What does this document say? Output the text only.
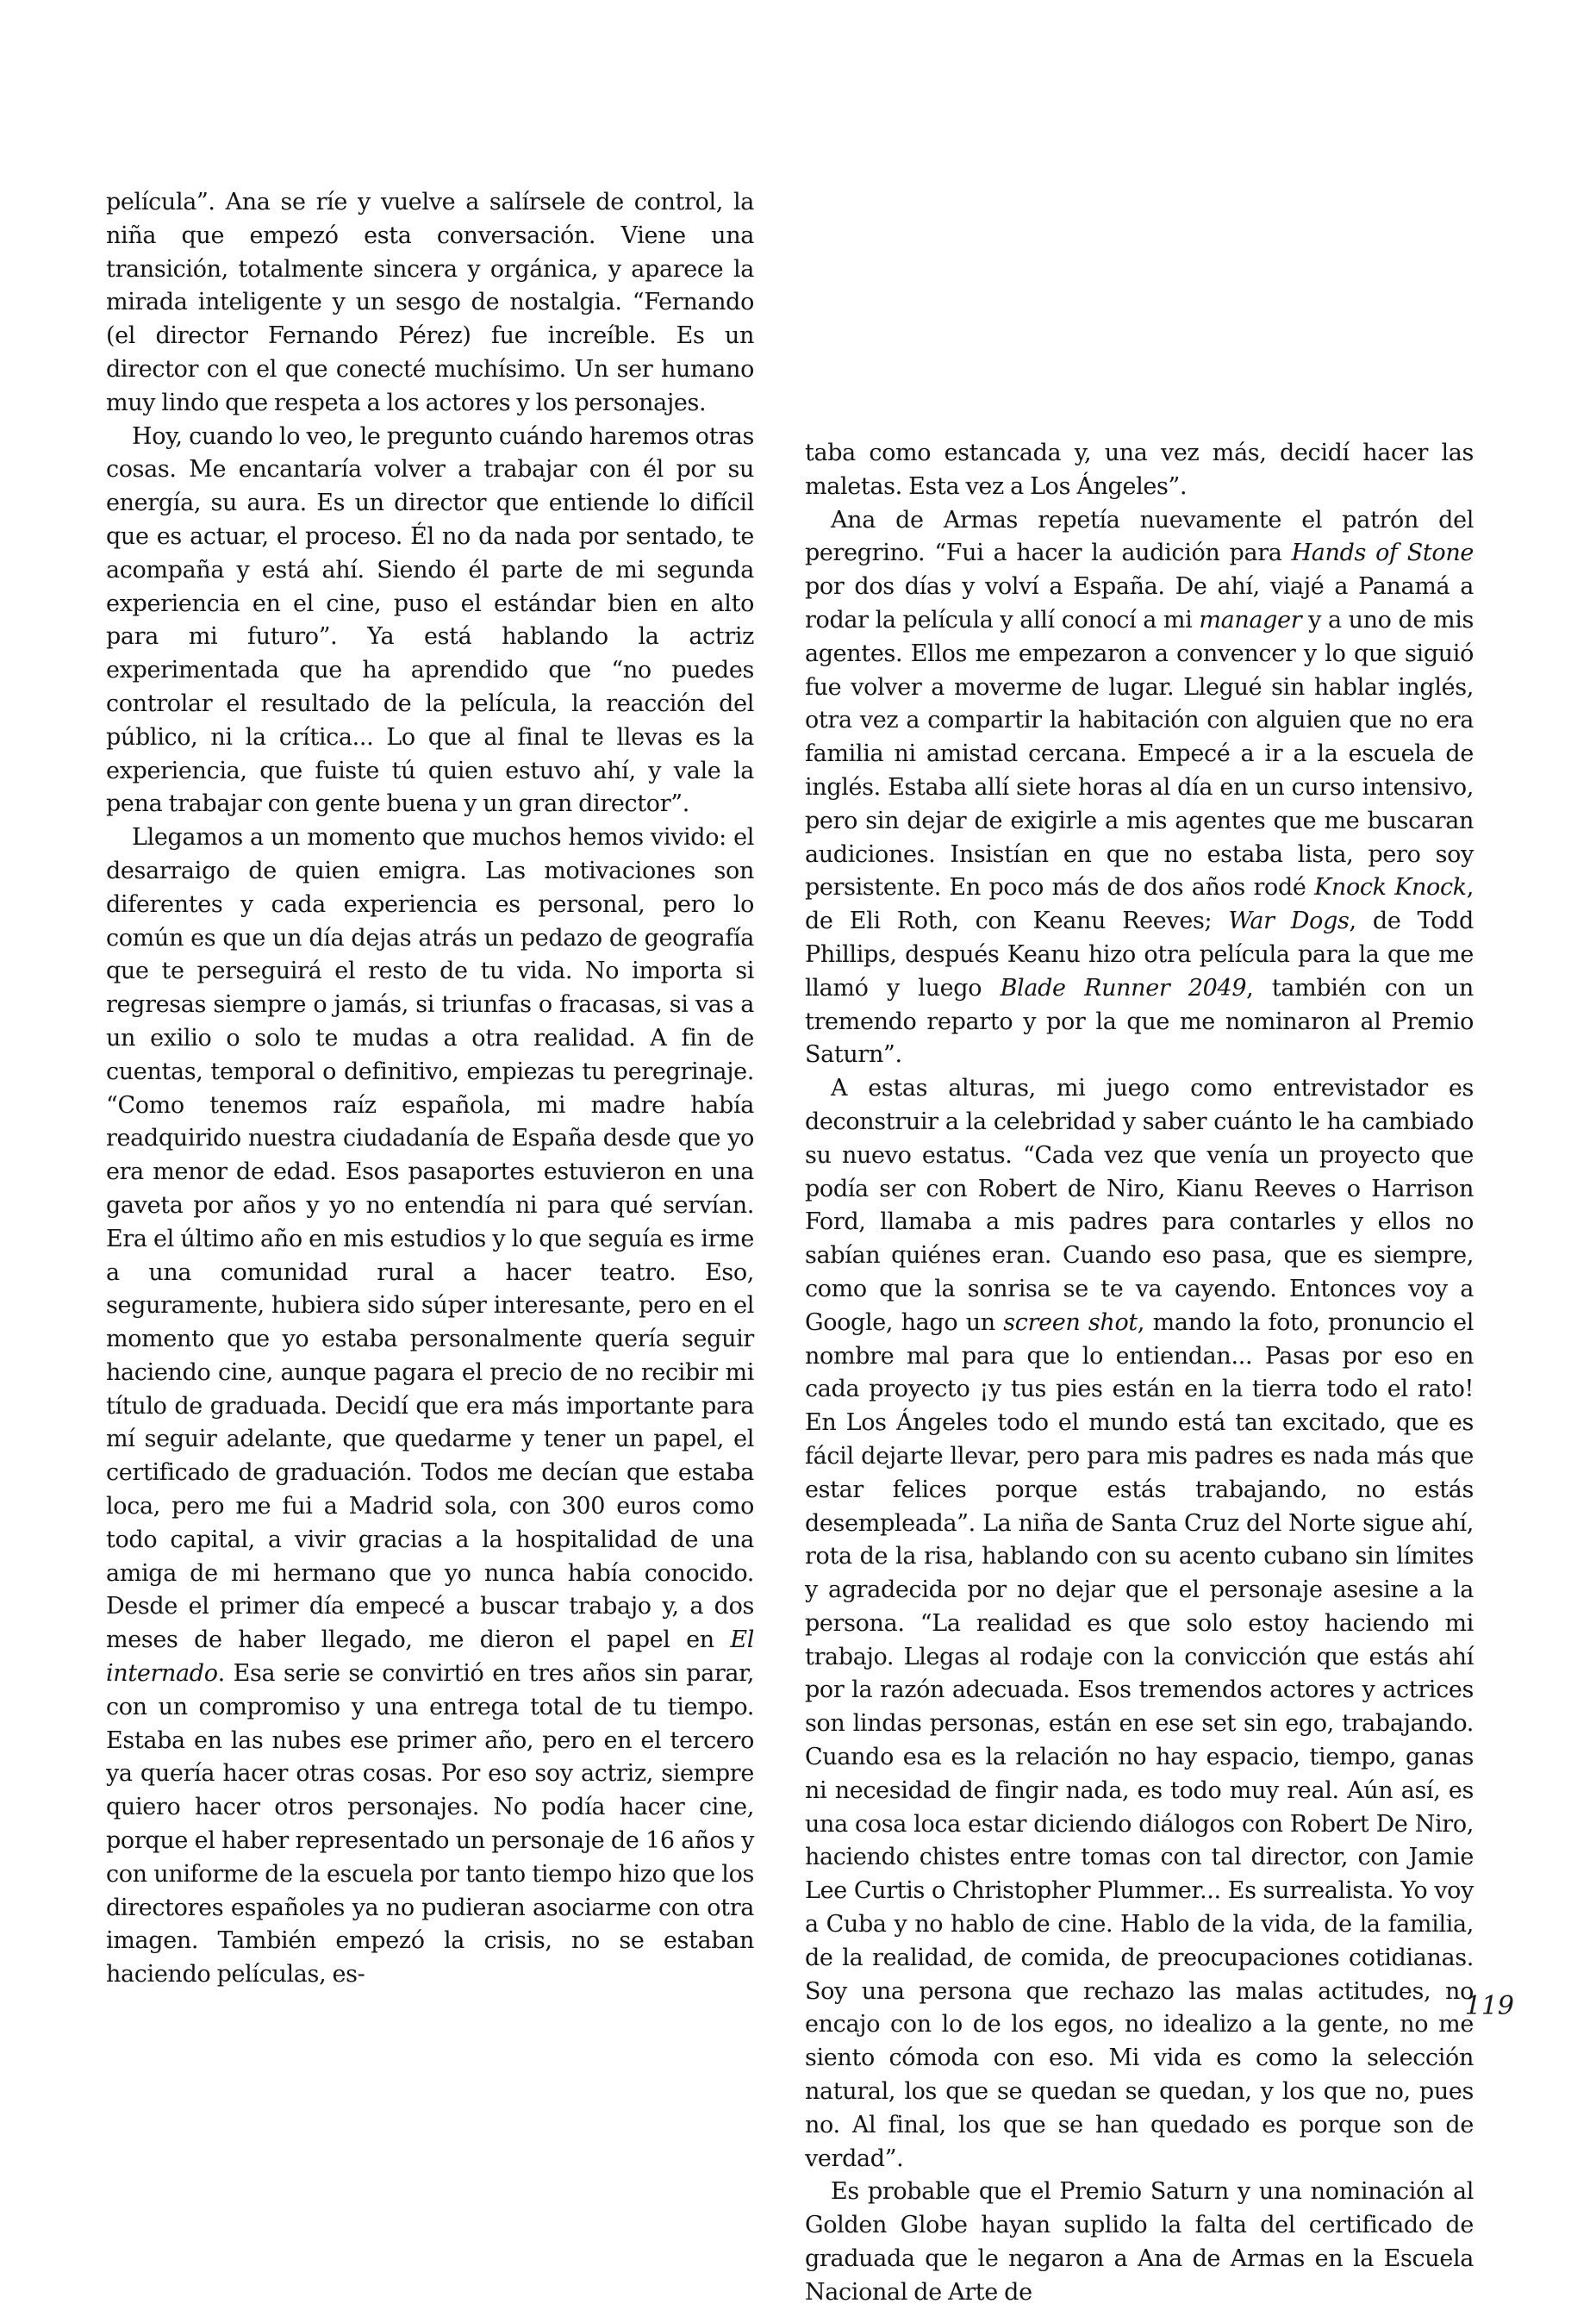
película”. Ana se ríe y vuelve a salírsele de control, la niña que empezó esta conversación. Viene una transición, totalmente sincera y orgánica, y aparece la mirada inteligente y un sesgo de nostalgia. “Fernando (el director Fernando Pérez) fue increíble. Es un director con el que conecté muchísimo. Un ser humano muy lindo que respeta a los actores y los personajes.

Hoy, cuando lo veo, le pregunto cuándo haremos otras cosas. Me encantaría volver a trabajar con él por su energía, su aura. Es un director que entiende lo difícil que es actuar, el proceso. Él no da nada por sentado, te acompaña y está ahí. Siendo él parte de mi segunda experiencia en el cine, puso el estándar bien en alto para mi futuro”. Ya está hablando la actriz experimentada que ha aprendido que “no puedes controlar el resultado de la película, la reacción del público, ni la crítica... Lo que al final te llevas es la experiencia, que fuiste tú quien estuvo ahí, y vale la pena trabajar con gente buena y un gran director”.

Llegamos a un momento que muchos hemos vivido: el desarraigo de quien emigra. Las motivaciones son diferentes y cada experiencia es personal, pero lo común es que un día dejas atrás un pedazo de geografía que te perseguirá el resto de tu vida. No importa si regresas siempre o jamás, si triunfas o fracasas, si vas a un exilio o solo te mudas a otra realidad. A fin de cuentas, temporal o definitivo, empiezas tu peregrinaje. “Como tenemos raíz española, mi madre había readquirido nuestra ciudadanía de España desde que yo era menor de edad. Esos pasaportes estuvieron en una gaveta por años y yo no entendía ni para qué servían. Era el último año en mis estudios y lo que seguía es irme a una comunidad rural a hacer teatro. Eso, seguramente, hubiera sido súper interesante, pero en el momento que yo estaba personalmente quería seguir haciendo cine, aunque pagara el precio de no recibir mi título de graduada. Decidí que era más importante para mí seguir adelante, que quedarme y tener un papel, el certificado de graduación. Todos me decían que estaba loca, pero me fui a Madrid sola, con 300 euros como todo capital, a vivir gracias a la hospitalidad de una amiga de mi hermano que yo nunca había conocido. Desde el primer día empecé a buscar trabajo y, a dos meses de haber llegado, me dieron el papel en El internado. Esa serie se convirtió en tres años sin parar, con un compromiso y una entrega total de tu tiempo. Estaba en las nubes ese primer año, pero en el tercero ya quería hacer otras cosas. Por eso soy actriz, siempre quiero hacer otros personajes. No podía hacer cine, porque el haber representado un personaje de 16 años y con uniforme de la escuela por tanto tiempo hizo que los directores españoles ya no pudieran asociarme con otra imagen. También empezó la crisis, no se estaban haciendo películas, es-

taba como estancada y, una vez más, decidí hacer las maletas. Esta vez a Los Ángeles”.

Ana de Armas repetía nuevamente el patrón del peregrino. “Fui a hacer la audición para Hands of Stone por dos días y volví a España. De ahí, viajé a Panamá a rodar la película y allí conocí a mi manager y a uno de mis agentes. Ellos me empezaron a convencer y lo que siguió fue volver a moverme de lugar. Llegué sin hablar inglés, otra vez a compartir la habitación con alguien que no era familia ni amistad cercana. Empecé a ir a la escuela de inglés. Estaba allí siete horas al día en un curso intensivo, pero sin dejar de exigirle a mis agentes que me buscaran audiciones. Insistían en que no estaba lista, pero soy persistente. En poco más de dos años rodé Knock Knock, de Eli Roth, con Keanu Reeves; War Dogs, de Todd Phillips, después Keanu hizo otra película para la que me llamó y luego Blade Runner 2049, también con un tremendo reparto y por la que me nominaron al Premio Saturn”.

A estas alturas, mi juego como entrevistador es deconstruir a la celebridad y saber cuánto le ha cambiado su nuevo estatus. “Cada vez que venía un proyecto que podía ser con Robert de Niro, Kianu Reeves o Harrison Ford, llamaba a mis padres para contarles y ellos no sabían quiénes eran. Cuando eso pasa, que es siempre, como que la sonrisa se te va cayendo. Entonces voy a Google, hago un screen shot, mando la foto, pronuncio el nombre mal para que lo entiendan... Pasas por eso en cada proyecto ¡y tus pies están en la tierra todo el rato! En Los Ángeles todo el mundo está tan excitado, que es fácil dejarte llevar, pero para mis padres es nada más que estar felices porque estás trabajando, no estás desempleada”. La niña de Santa Cruz del Norte sigue ahí, rota de la risa, hablando con su acento cubano sin límites y agradecida por no dejar que el personaje asesine a la persona. “La realidad es que solo estoy haciendo mi trabajo. Llegas al rodaje con la convicción que estás ahí por la razón adecuada. Esos tremendos actores y actrices son lindas personas, están en ese set sin ego, trabajando. Cuando esa es la relación no hay espacio, tiempo, ganas ni necesidad de fingir nada, es todo muy real. Aún así, es una cosa loca estar diciendo diálogos con Robert De Niro, haciendo chistes entre tomas con tal director, con Jamie Lee Curtis o Christopher Plummer... Es surrealista. Yo voy a Cuba y no hablo de cine. Hablo de la vida, de la familia, de la realidad, de comida, de preocupaciones cotidianas. Soy una persona que rechazo las malas actitudes, no encajo con lo de los egos, no idealizo a la gente, no me siento cómoda con eso. Mi vida es como la selección natural, los que se quedan se quedan, y los que no, pues no. Al final, los que se han quedado es porque son de verdad”.

Es probable que el Premio Saturn y una nominación al Golden Globe hayan suplido la falta del certificado de graduada que le negaron a Ana de Armas en la Escuela Nacional de Arte de

119
